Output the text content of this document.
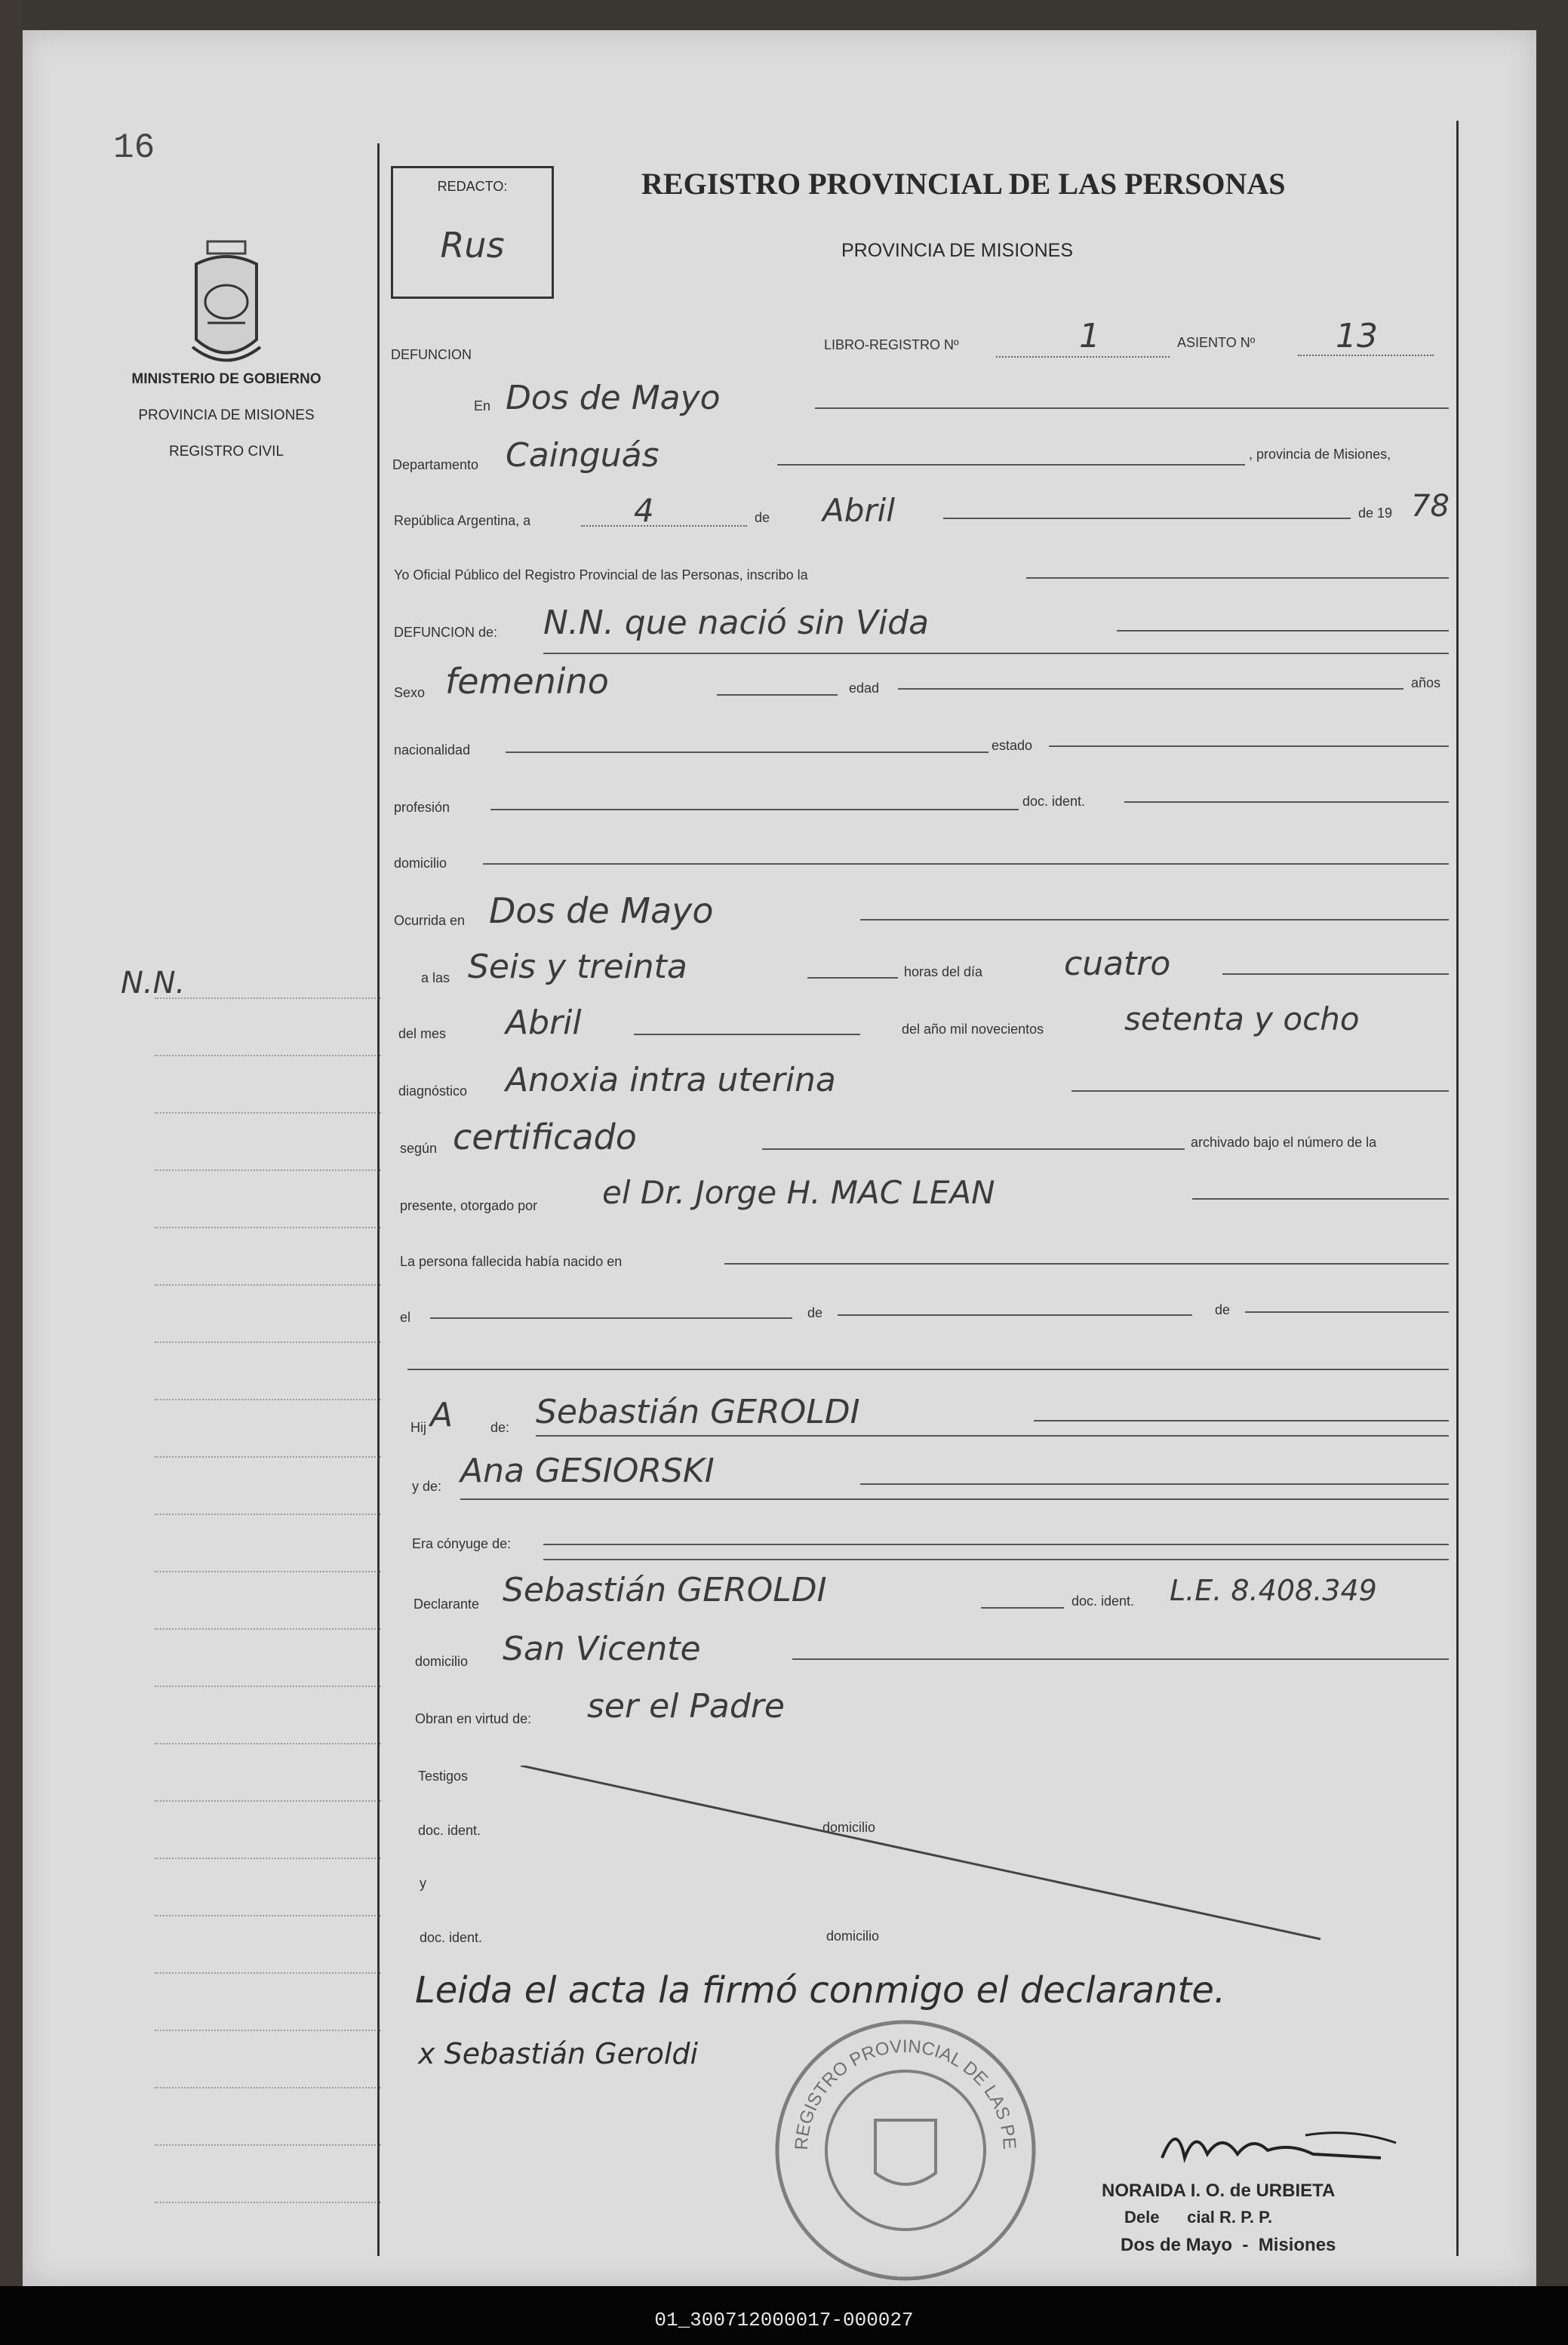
16
MINISTERIO DE GOBIERNO
PROVINCIA DE MISIONES
REGISTRO CIVIL
N.N.
REDACTO:
Rus
REGISTRO PROVINCIAL DE LAS PERSONAS
PROVINCIA DE MISIONES
DEFUNCION
LIBRO-REGISTRO Nº	1	ASIENTO Nº 13
En Dos de Mayo
Departamento Cainguás	, provincia de Misiones,
República Argentina, a	4	de Abril	de 19 78
Yo Oficial Público del Registro Provincial de las Personas, inscribo la
DEFUNCION de: N.N. que nació sin Vida
Sexo femenino	edad	años
nacionalidad	estado
profesión	doc. ident.
domicilio
Ocurrida en Dos de Mayo
a las Seis y treinta	horas del día cuatro
del mes Abril	del año mil novecientos	setenta y ocho
diagnóstico Anoxia intra uterina
según certificado	archivado bajo el número de la
presente, otorgado por el Dr. Jorge H. MAC LEAN
La persona fallecida había nacido en
el	de	de
Hij A	de: Sebastián GEROLDI
y de: Ana GESIORSKI
Era cónyuge de:
Declarante Sebastián GEROLDI	doc. ident. L.E. 8.408.349
domicilio San Vicente
Obran en virtud de: ser el Padre
Testigos
doc. ident.	domicilio
y
doc. ident.	domicilio
Leida el acta la firmó conmigo el declarante.
x Sebastián Geroldi
REGISTRO PROVINCIAL DE LAS PE
NORAIDA I. O. de URBIETA
Dele      cial R. P. P.
Dos de Mayo  -  Misiones
01_300712000017-000027
